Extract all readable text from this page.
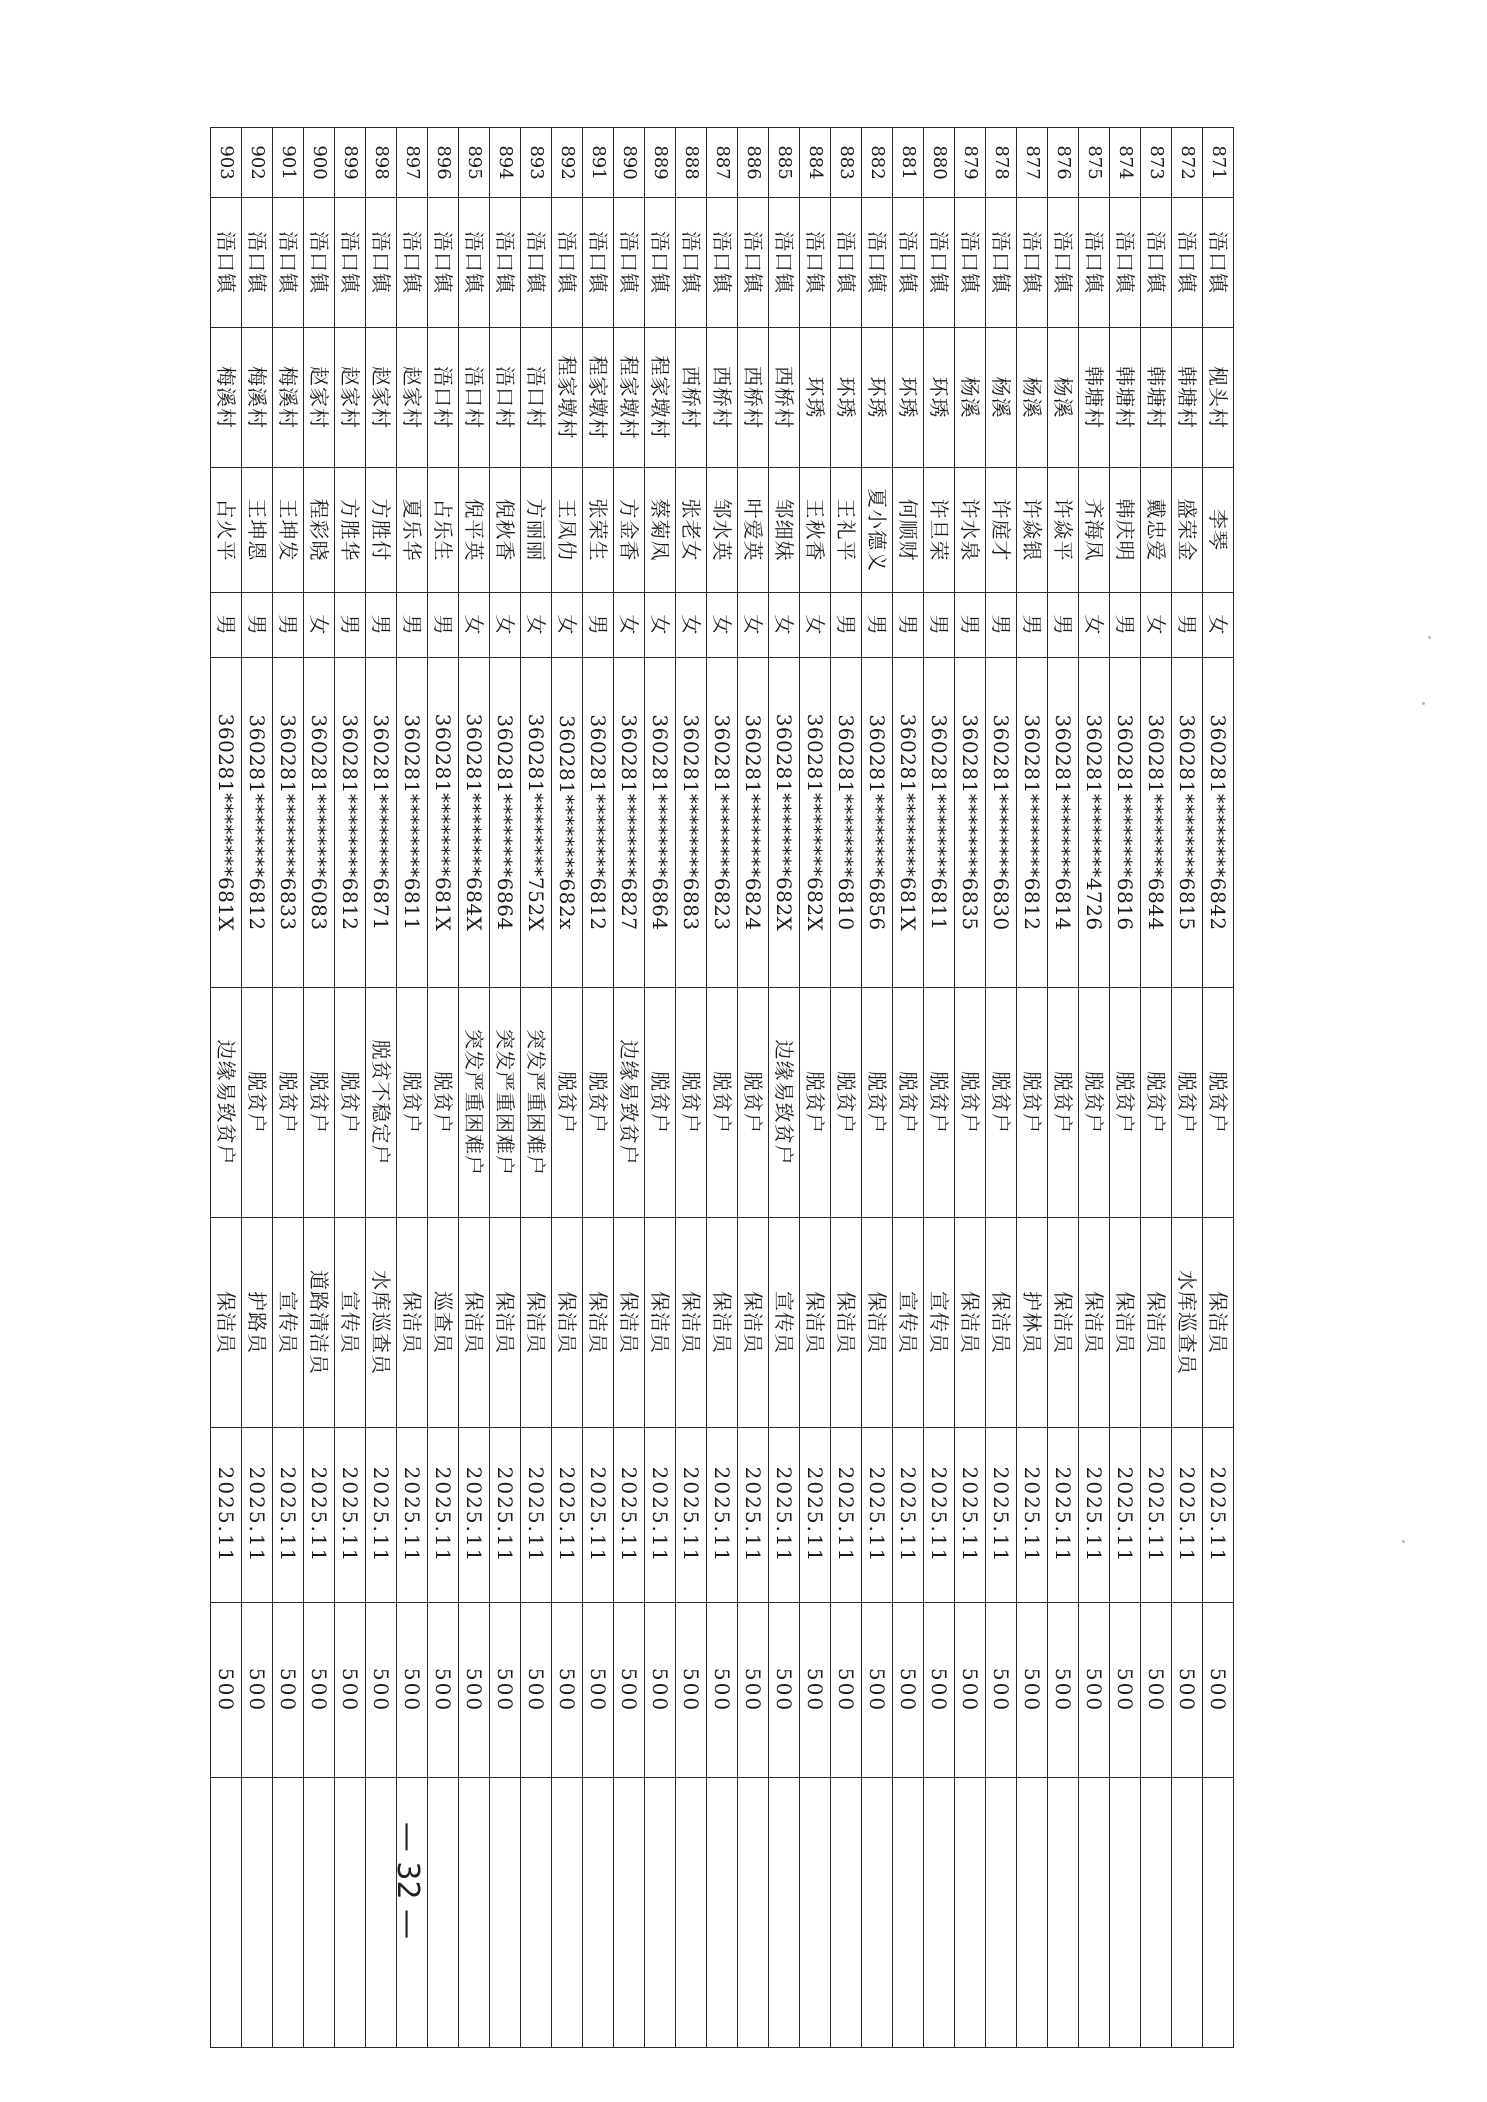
871	浯口镇	枧头村	李琴	女	360281********6842	脱贫户	保洁员	2025.11	500	
872	浯口镇	韩塘村	盛荣金	男	360281********6815	脱贫户	水库巡查员	2025.11	500	
873	浯口镇	韩塘村	戴忠爱	女	360281********6844	脱贫户	保洁员	2025.11	500	
874	浯口镇	韩塘村	韩庆明	男	360281********6816	脱贫户	保洁员	2025.11	500	
875	浯口镇	韩塘村	齐海凤	女	360281********4726	脱贫户	保洁员	2025.11	500	
876	浯口镇	杨溪	许焱平	男	360281********6814	脱贫户	保洁员	2025.11	500	
877	浯口镇	杨溪	许焱银	男	360281********6812	脱贫户	护林员	2025.11	500	
878	浯口镇	杨溪	许庭才	男	360281********6830	脱贫户	保洁员	2025.11	500	
879	浯口镇	杨溪	许水泉	男	360281********6835	脱贫户	保洁员	2025.11	500	
880	浯口镇	环琇	许旦荣	男	360281********6811	脱贫户	宣传员	2025.11	500	
881	浯口镇	环琇	何顺财	男	360281********681X	脱贫户	宣传员	2025.11	500	
882	浯口镇	环琇	夏小德义	男	360281********6856	脱贫户	保洁员	2025.11	500	
883	浯口镇	环琇	王礼平	男	360281********6810	脱贫户	保洁员	2025.11	500	
884	浯口镇	环琇	王秋香	女	360281********682X	脱贫户	保洁员	2025.11	500	
885	浯口镇	西桥村	邹细妹	女	360281********682X	边缘易致贫户	宣传员	2025.11	500	
886	浯口镇	西桥村	叶爱英	女	360281********6824	脱贫户	保洁员	2025.11	500	
887	浯口镇	西桥村	邹水英	女	360281********6823	脱贫户	保洁员	2025.11	500	
888	浯口镇	西桥村	张老女	女	360281********6883	脱贫户	保洁员	2025.11	500	
889	浯口镇	程家墩村	蔡菊凤	女	360281********6864	脱贫户	保洁员	2025.11	500	
890	浯口镇	程家墩村	方金香	女	360281********6827	边缘易致贫户	保洁员	2025.11	500	
891	浯口镇	程家墩村	张荣生	男	360281********6812	脱贫户	保洁员	2025.11	500	
892	浯口镇	程家墩村	王凤仂	女	360281********682x	脱贫户	保洁员	2025.11	500	
893	浯口镇	浯口村	方丽丽	女	360281********752X	突发严重困难户	保洁员	2025.11	500	
894	浯口镇	浯口村	倪秋香	女	360281********6864	突发严重困难户	保洁员	2025.11	500	
895	浯口镇	浯口村	倪平英	女	360281********684X	突发严重困难户	保洁员	2025.11	500	
896	浯口镇	浯口村	占乐生	男	360281********681X	脱贫户	巡查员	2025.11	500	
897	浯口镇	赵家村	夏乐华	男	360281********6811	脱贫户	保洁员	2025.11	500	
898	浯口镇	赵家村	方胜付	男	360281********6871	脱贫不稳定户	水库巡查员	2025.11	500	
899	浯口镇	赵家村	方胜华	男	360281********6812	脱贫户	宣传员	2025.11	500	
900	浯口镇	赵家村	程彩晓	女	360281********6083	脱贫户	道路清洁员	2025.11	500	
901	浯口镇	梅溪村	王坤发	男	360281********6833	脱贫户	宣传员	2025.11	500	
902	浯口镇	梅溪村	王坤恩	男	360281********6812	脱贫户	护路员	2025.11	500	
903	浯口镇	梅溪村	占火平	男	360281********681X	边缘易致贫户	保洁员	2025.11	500	
— 32 —
